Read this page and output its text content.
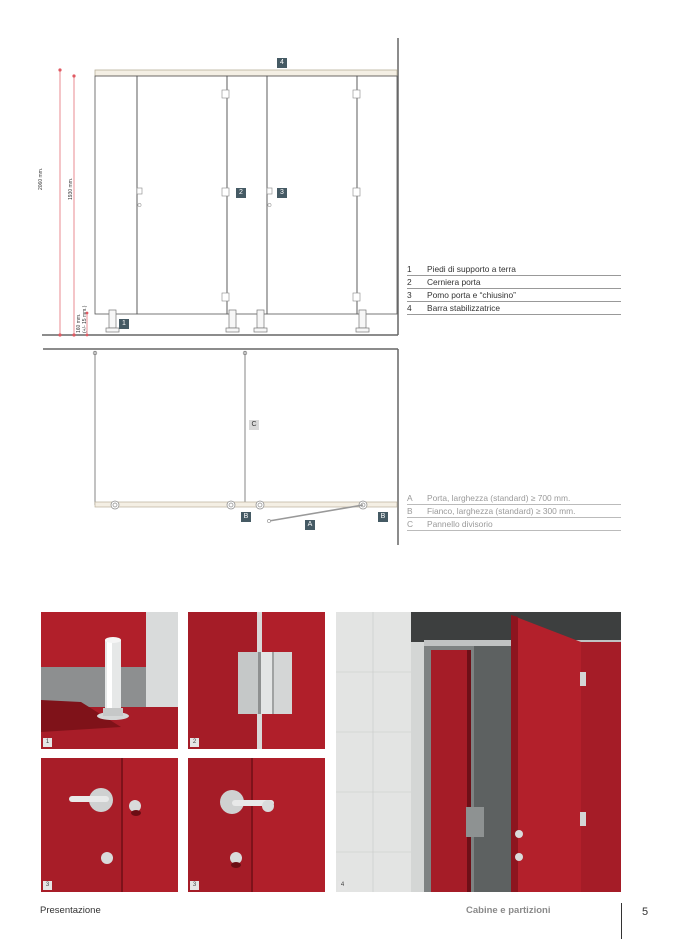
2060 mm.	1930 mm.
160 mm. (+/- 15 mm.)
4
2	3
1
1	Piedi di supporto a terra
2	Cerniera porta
3	Pomo porta e “chiusino”
4	Barra stabilizzatrice
C
B
A
B
A	Porta, larghezza (standard) ≥ 700 mm.
B	Fianco, larghezza (standard) ≥ 300 mm.
C	Pannello divisorio
1	2
3	3	4
Presentazione	Cabine e partizioni	5
